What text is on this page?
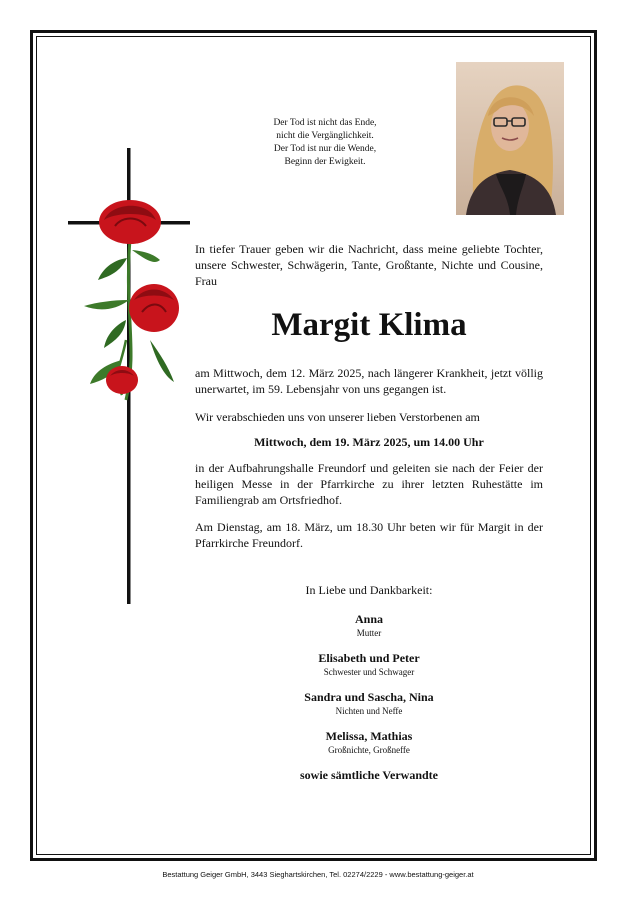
Der Tod ist nicht das Ende,
nicht die Vergänglichkeit.
Der Tod ist nur die Wende,
Beginn der Ewigkeit.
In tiefer Trauer geben wir die Nachricht, dass meine geliebte Tochter, unsere Schwester, Schwägerin, Tante, Großtante, Nichte und Cousine, Frau
Margit Klima
am Mittwoch, dem 12. März 2025, nach längerer Krankheit, jetzt völlig unerwartet, im 59. Lebensjahr von uns gegangen ist.
Wir verabschieden uns von unserer lieben Verstorbenen am
Mittwoch, dem 19. März 2025, um 14.00 Uhr
in der Aufbahrungshalle Freundorf und geleiten sie nach der Feier der heiligen Messe in der Pfarrkirche zu ihrer letzten Ruhestätte im Familiengrab am Ortsfriedhof.
Am Dienstag, am 18. März, um 18.30 Uhr beten wir für Margit in der Pfarrkirche Freundorf.
In Liebe und Dankbarkeit:
Anna
Mutter
Elisabeth und Peter
Schwester und Schwager
Sandra und Sascha, Nina
Nichten und Neffe
Melissa, Mathias
Großnichte, Großneffe
sowie sämtliche Verwandte
Bestattung Geiger GmbH, 3443 Sieghartskirchen, Tel. 02274/2229 - www.bestattung-geiger.at
